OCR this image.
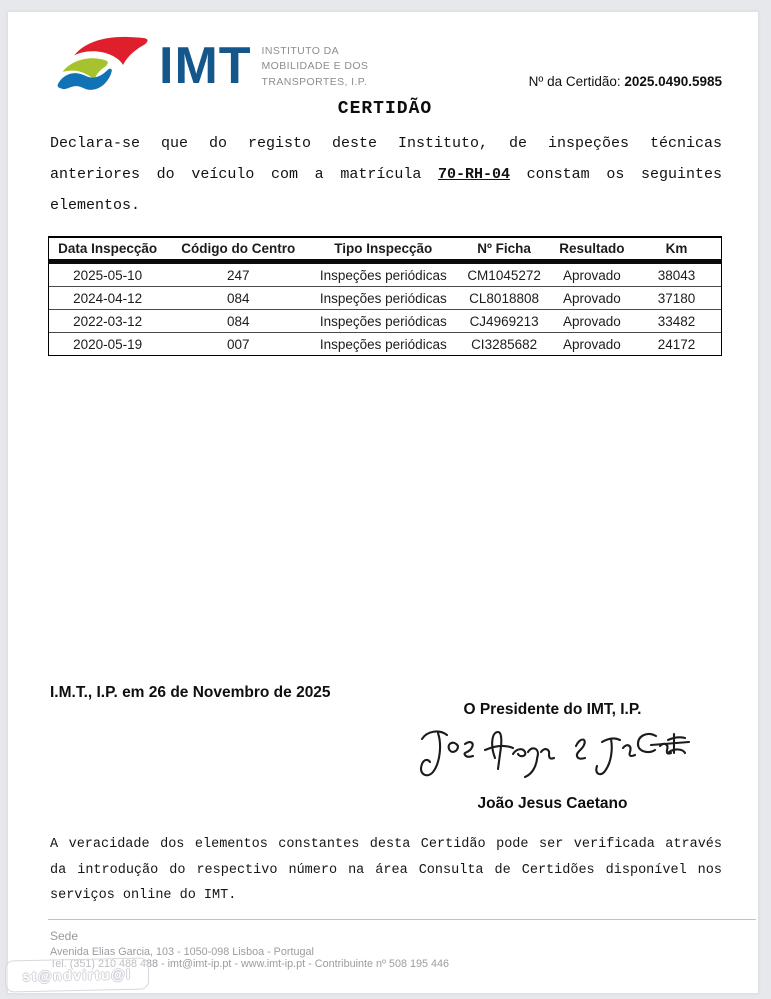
IMT INSTITUTO DA
MOBILIDADE E DOS
TRANSPORTES, I.P.	Nº da Certidão: 2025.0490.5985
CERTIDÃO
Declara-se que do registo deste Instituto, de inspeções técnicas anteriores do veículo com a matrícula 70-RH-04 constam os seguintes elementos.
Data Inspecção	Código do Centro	Tipo Inspecção	Nº Ficha	Resultado	Km
2025-05-10	247	Inspeções periódicas	CM1045272	Aprovado	38043
2024-04-12	084	Inspeções periódicas	CL8018808	Aprovado	37180
2022-03-12	084	Inspeções periódicas	CJ4969213	Aprovado	33482
2020-05-19	007	Inspeções periódicas	CI3285682	Aprovado	24172
I.M.T., I.P. em 26 de Novembro de 2025
O Presidente do IMT, I.P.
João Jesus Caetano
A veracidade dos elementos constantes desta Certidão pode ser verificada através da introdução do respectivo número na área Consulta de Certidões disponível nos serviços online do IMT.
Sede
Avenida Elias Garcia, 103 - 1050-098 Lisboa - Portugal
Tel. (351) 210 488 488 - imt@imt-ip.pt - www.imt-ip.pt - Contribuinte nº 508 195 446
st@ndvirtu@l
